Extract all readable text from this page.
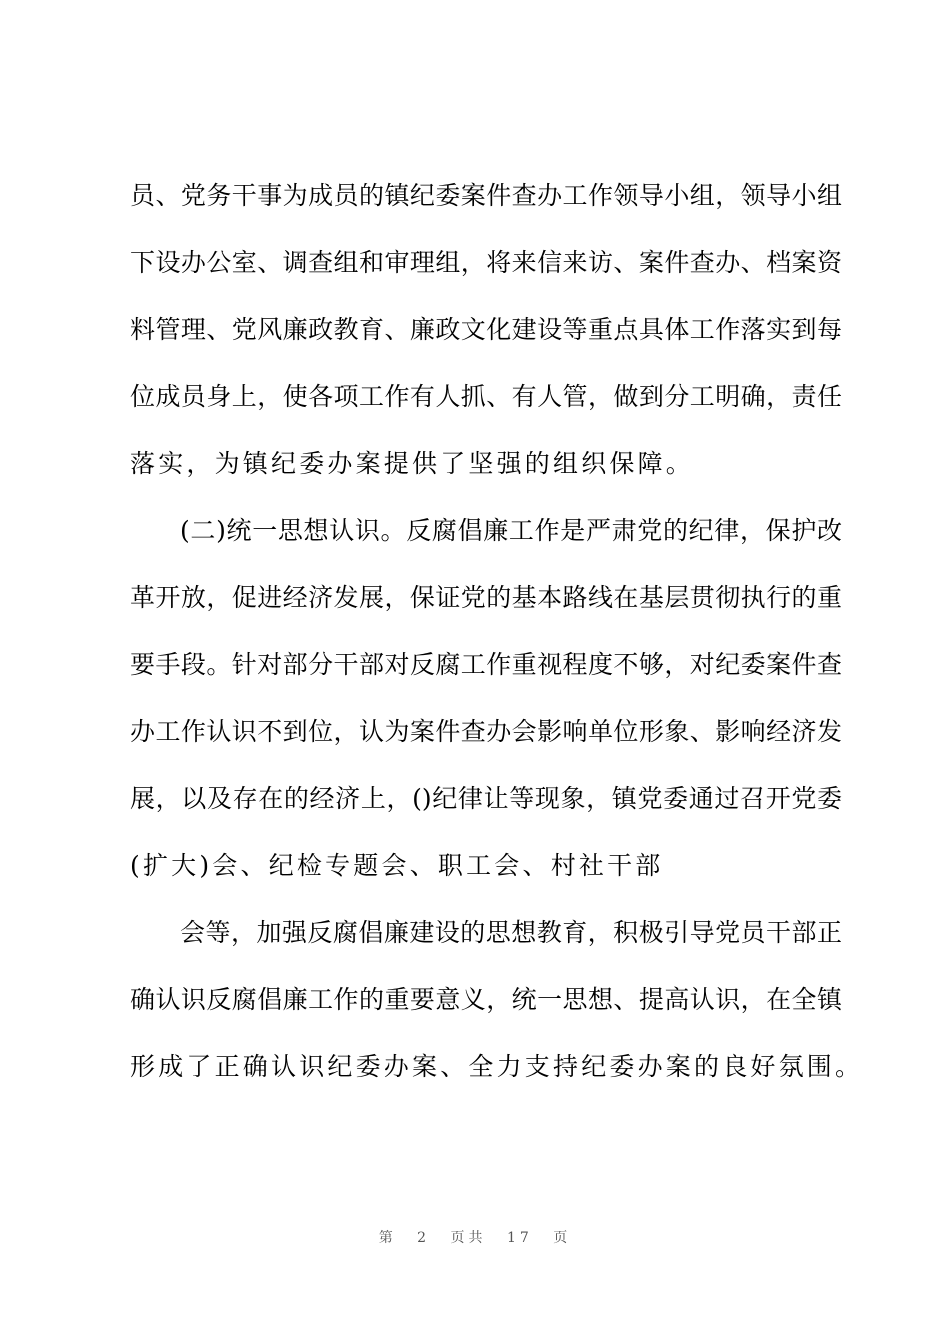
员、党务干事为成员的镇纪委案件查办工作领导小组，领导小组
下设办公室、调查组和审理组，将来信来访、案件查办、档案资
料管理、党风廉政教育、廉政文化建设等重点具体工作落实到每
位成员身上，使各项工作有人抓、有人管，做到分工明确，责任
落实，为镇纪委办案提供了坚强的组织保障。
(二)统一思想认识。反腐倡廉工作是严肃党的纪律，保护改
革开放，促进经济发展，保证党的基本路线在基层贯彻执行的重
要手段。针对部分干部对反腐工作重视程度不够，对纪委案件查
办工作认识不到位，认为案件查办会影响单位形象、影响经济发
展，以及存在的经济上，()纪律让等现象，镇党委通过召开党委
(扩大)会、纪检专题会、职工会、村社干部
会等，加强反腐倡廉建设的思想教育，积极引导党员干部正
确认识反腐倡廉工作的重要意义，统一思想、提高认识，在全镇
形成了正确认识纪委办案、全力支持纪委办案的良好氛围。
第 2 页共 17 页
